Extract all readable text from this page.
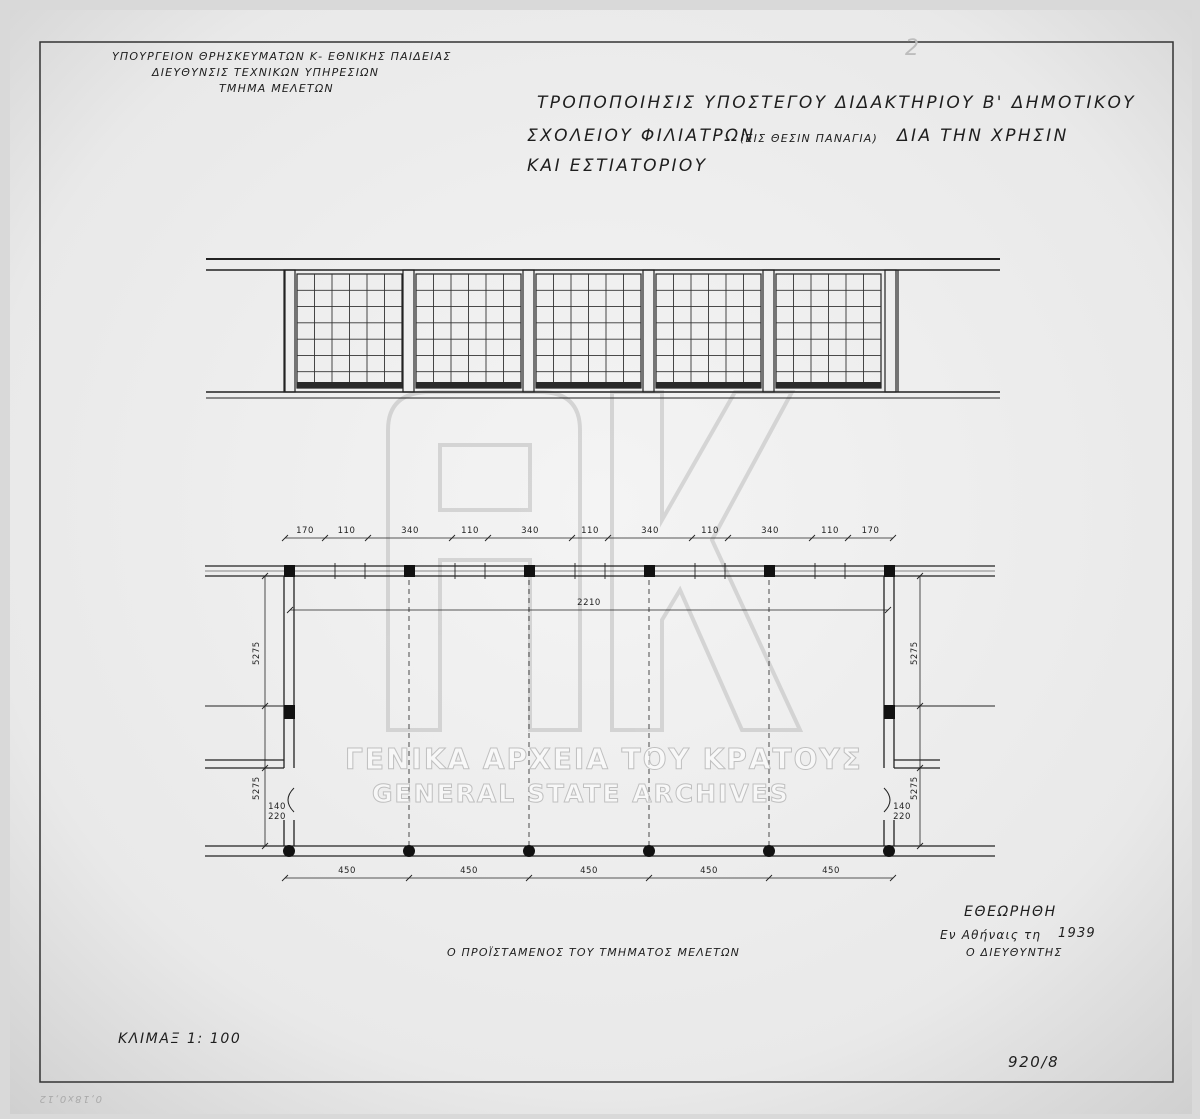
ΥΠΟΥΡΓΕΙΟΝ ΘΡΗΣΚΕΥΜΑΤΩΝ Κ- ΕΘΝΙΚΗΣ ΠΑΙΔΕΙΑΣ

ΔΙΕΥΘΥΝΣΙΣ ΤΕΧΝΙΚΩΝ ΥΠΗΡΕΣΙΩΝ

ΤΜΗΜΑ ΜΕΛΕΤΩΝ

2

ΤΡΟΠΟΠΟΙΗΣΙΣ ΥΠΟΣΤΕΓΟΥ ΔΙΔΑΚΤΗΡΙΟΥ Β' ΔΗΜΟΤΙΚΟΥ

ΣΧΟΛΕΙΟΥ ΦΙΛΙΑΤΡΩΝ

(ΕΙΣ ΘΕΣΙΝ ΠΑΝΑΓΙΑ) ΔΙΑ ΤΗΝ ΧΡΗΣΙΝ

ΚΑΙ ΕΣΤΙΑΤΟΡΙΟΥ

170	110	340	110	340	110	340	110	340	110	170

2210

450	450	450	450	450

5275

5275

5275

5275

140

220

140

220

ΓΕΝΙΚΑ ΑΡΧΕΙΑ ΤΟΥ ΚΡΑΤΟΥΣ

GENERAL STATE ARCHIVES

ΕΘΕΩΡΗΘΗ

Εν Αθήναις τη 1939

Ο ΔΙΕΥΘΥΝΤΗΣ

Ο ΠΡΟΪΣΤΑΜΕΝΟΣ ΤΟΥ ΤΜΗΜΑΤΟΣ ΜΕΛΕΤΩΝ

ΚΛΙΜΑΞ 1: 100

920/8

0,18x0,12
